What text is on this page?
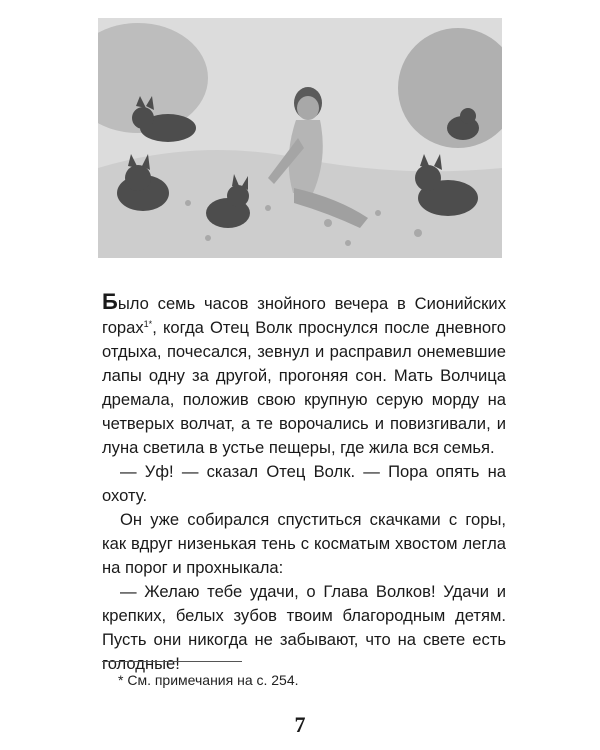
Было семь часов знойного вечера в Сионийских горах$^{1*}$, когда Отец Волк проснулся после дневного отдыха, почесался, зевнул и расправил онемевшие лапы одну за другой, прогоняя сон. Мать Волчица дремала, положив свою крупную серую морду на четверых волчат, а те ворочались и повизгивали, и луна светила в устье пещеры, где жила вся семья.

— Уф! — сказал Отец Волк. — Пора опять на охоту.

Он уже собирался спуститься скачками с горы, как вдруг низенькая тень с косматым хвостом легла на порог и прохныкала:

— Желаю тебе удачи, о Глава Волков! Удачи и крепких, белых зубов твоим благородным детям. Пусть они никогда не забывают, что на свете есть голодные!

* См. примечания на с. 254.
7
